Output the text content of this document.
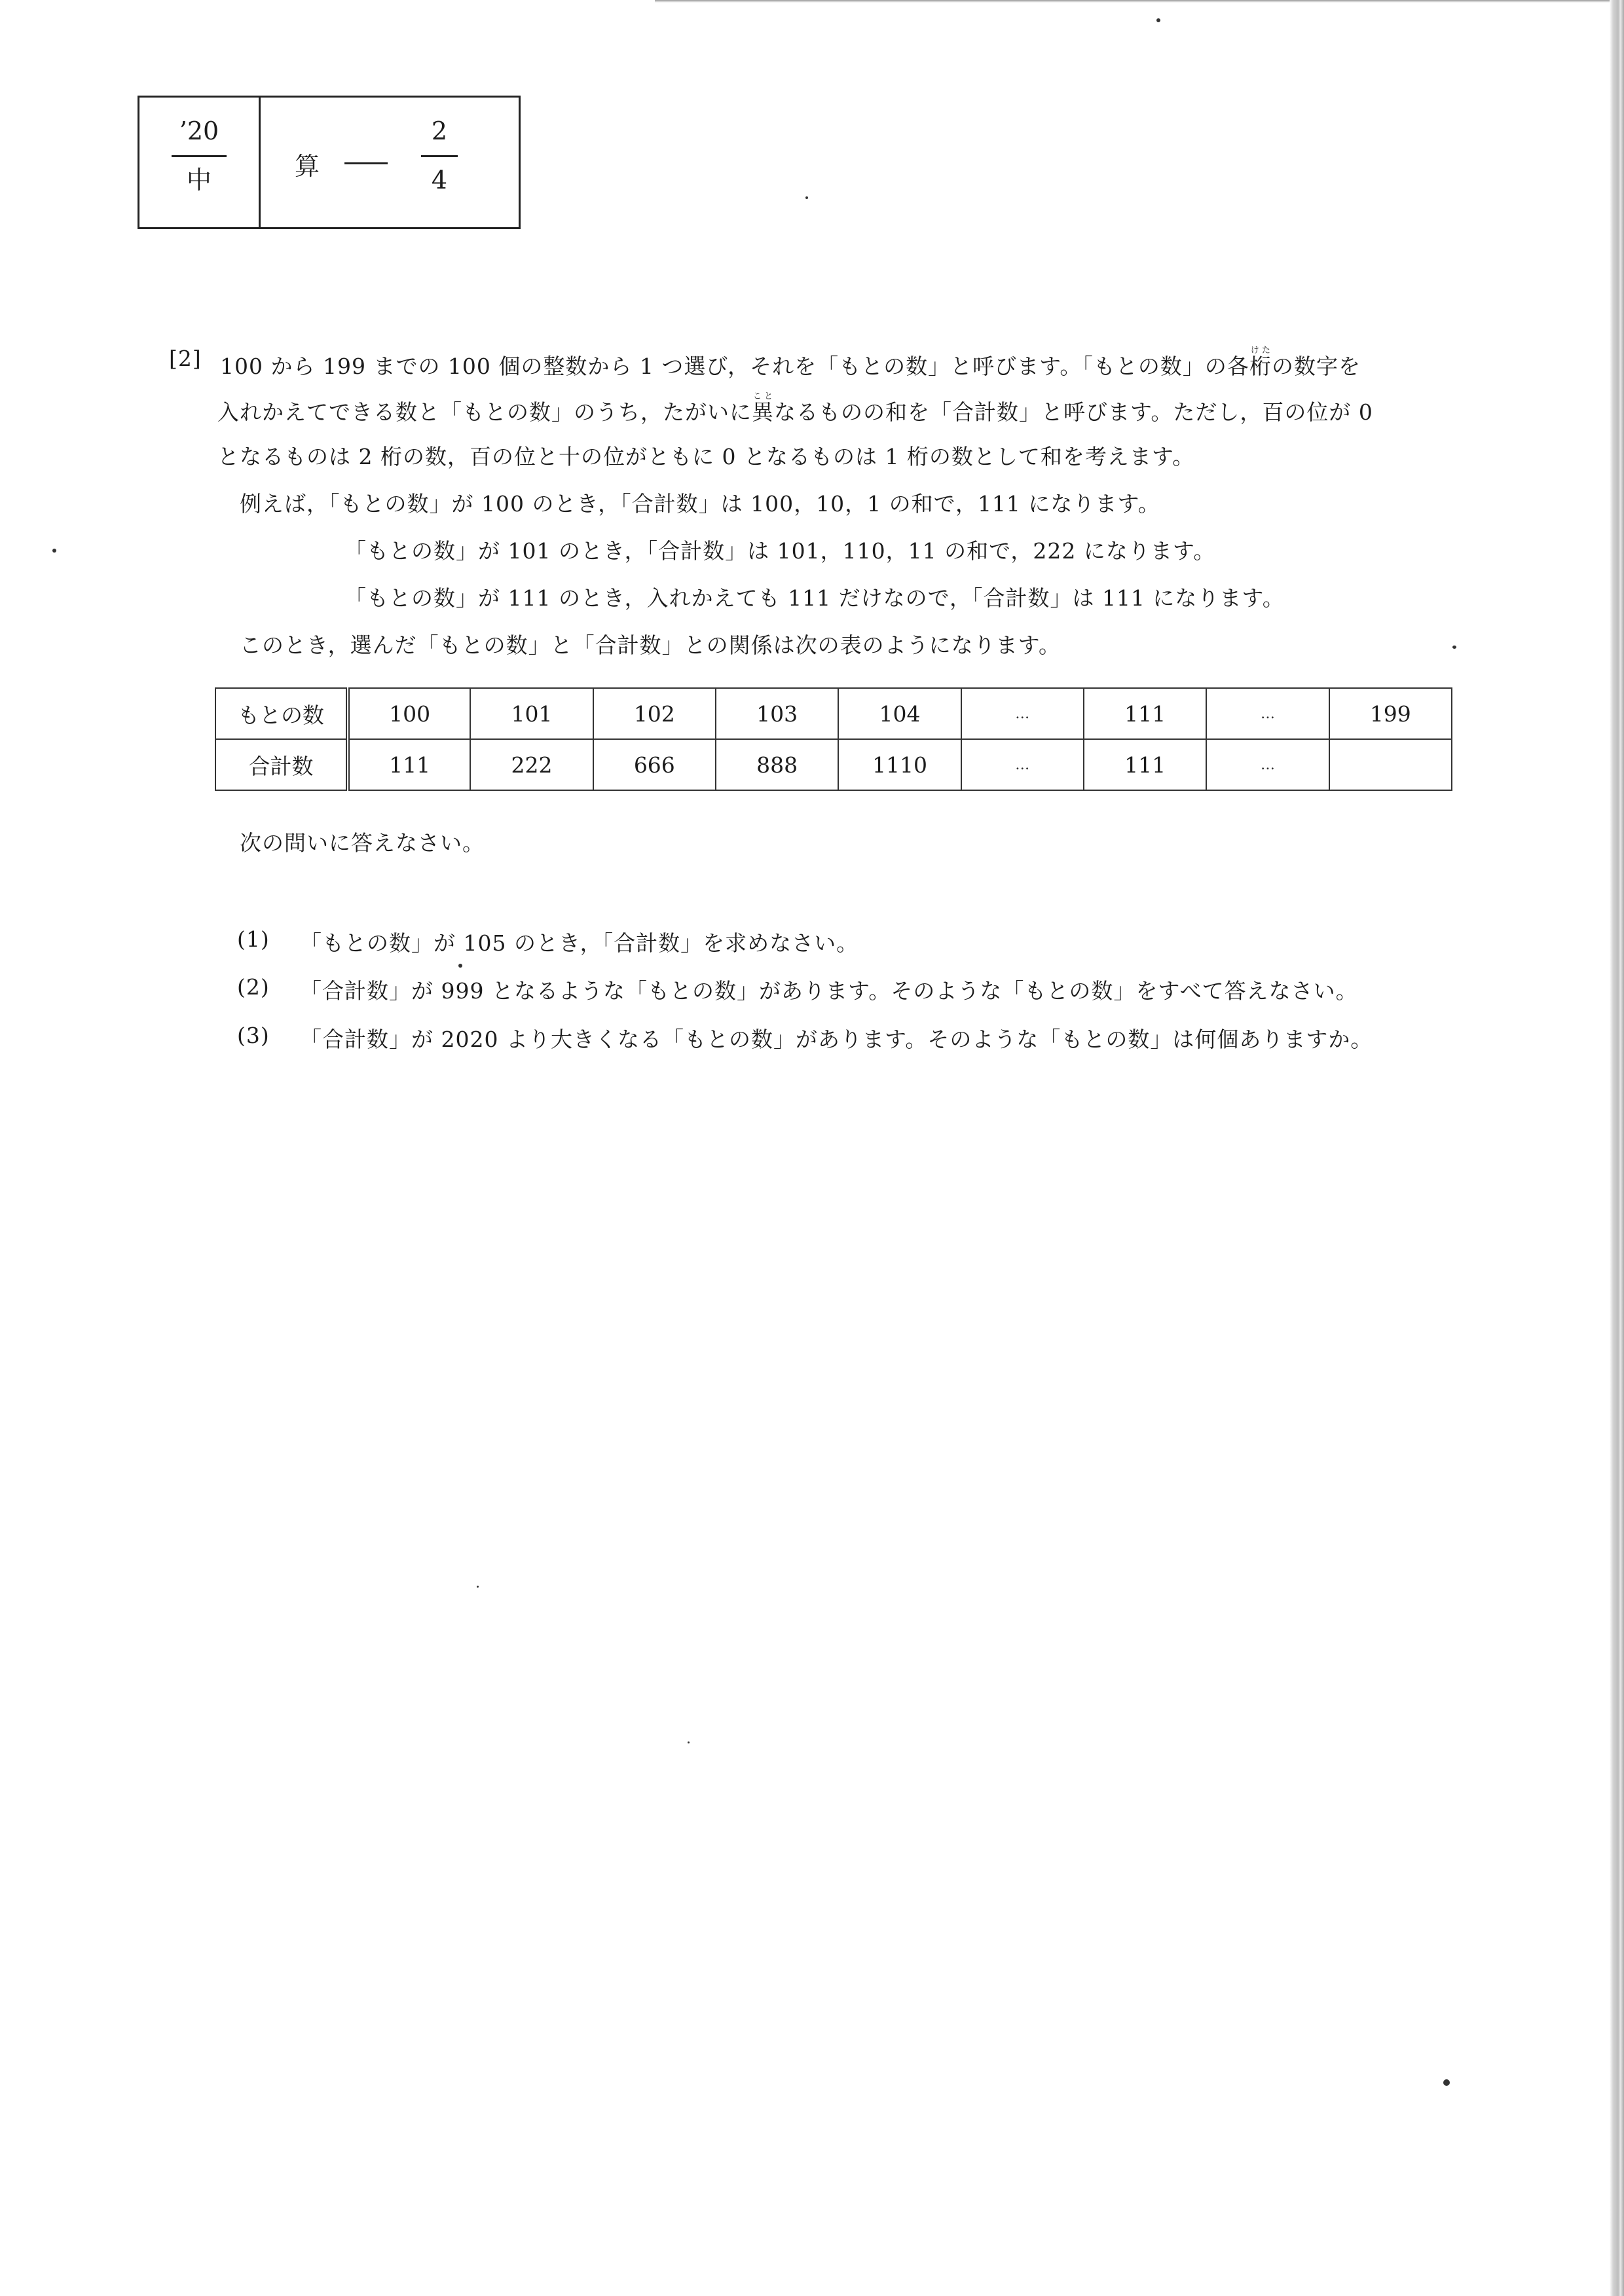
’20
中	算
2
4
[2] 100 から 199 までの 100 個の整数から 1 つ選び，それを「もとの数」と呼びます。「もとの数」の各桁けたの数字を
入れかえてできる数と「もとの数」のうち，たがいに異ことなるものの和を「合計数」と呼びます。ただし，百の位が 0
となるものは 2 桁の数，百の位と十の位がともに 0 となるものは 1 桁の数として和を考えます。
例えば，「もとの数」が 100 のとき，「合計数」は 100，10，1 の和で，111 になります。
「もとの数」が 101 のとき，「合計数」は 101，110，11 の和で，222 になります。
「もとの数」が 111 のとき，入れかえても 111 だけなので，「合計数」は 111 になります。
このとき，選んだ「もとの数」と「合計数」との関係は次の表のようになります。
もとの数	100	101	102	103	104	…	111	…	199
合計数	111	222	666	888	1110	…	111	…	
次の問いに答えなさい。
(1) 「もとの数」が 105 のとき，「合計数」を求めなさい。
(2) 「合計数」が 999 となるような「もとの数」があります。そのような「もとの数」をすべて答えなさい。
(3) 「合計数」が 2020 より大きくなる「もとの数」があります。そのような「もとの数」は何個ありますか。
